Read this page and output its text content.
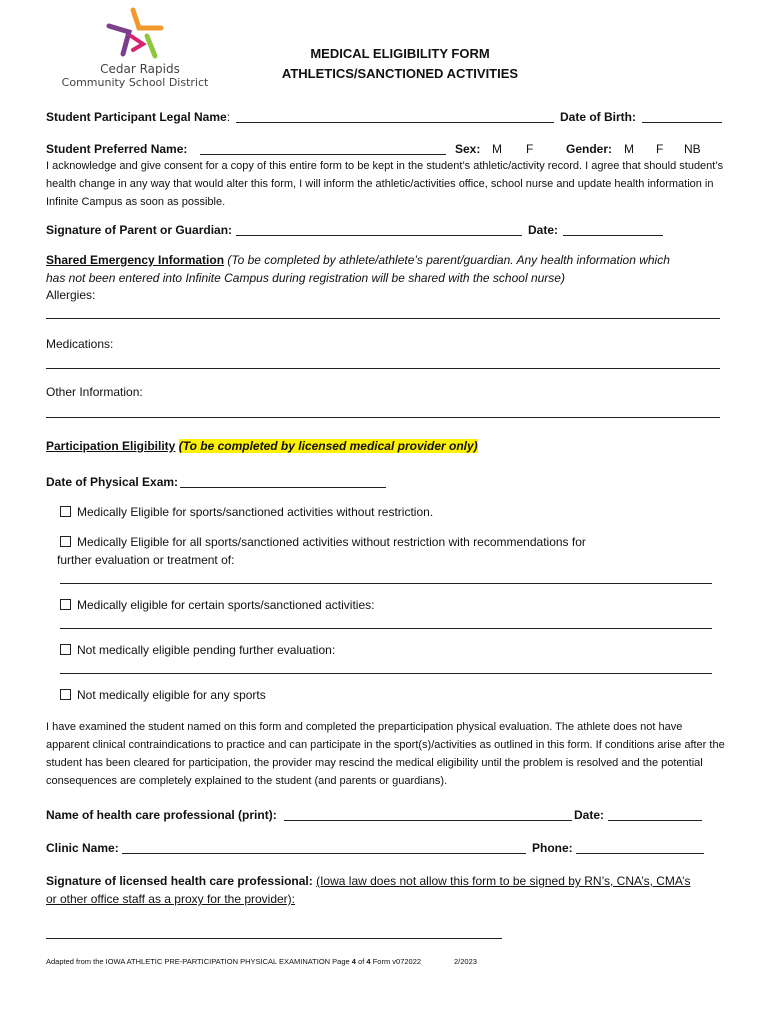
Cedar Rapids
Community School District
MEDICAL ELIGIBILITY FORM
ATHLETICS/SANCTIONED ACTIVITIES
Student Participant Legal Name:	Date of Birth:
Student Preferred Name:	Sex: M F	Gender: M F NB
I acknowledge and give consent for a copy of this entire form to be kept in the student’s athletic/activity record. I agree that should student’s health change in any way that would alter this form, I will inform the athletic/activities office, school nurse and update health information in Infinite Campus as soon as possible.
Signature of Parent or Guardian:	Date:
Shared Emergency Information (To be completed by athlete/athlete’s parent/guardian. Any health information which has not been entered into Infinite Campus during registration will be shared with the school nurse)
Allergies:
Medications:
Other Information:
Participation Eligibility (To be completed by licensed medical provider only)
Date of Physical Exam:
Medically Eligible for sports/sanctioned activities without restriction.
Medically Eligible for all sports/sanctioned activities without restriction with recommendations for
further evaluation or treatment of:
Medically eligible for certain sports/sanctioned activities:
Not medically eligible pending further evaluation:
Not medically eligible for any sports
I have examined the student named on this form and completed the preparticipation physical evaluation. The athlete does not have apparent clinical contraindications to practice and can participate in the sport(s)/activities as outlined in this form. If conditions arise after the student has been cleared for participation, the provider may rescind the medical eligibility until the problem is resolved and the potential consequences are completely explained to the student (and parents or guardians).
Name of health care professional (print):	Date:
Clinic Name:	Phone:
Signature of licensed health care professional: (Iowa law does not allow this form to be signed by RN’s, CNA’s, CMA’s
or other office staff as a proxy for the provider):
Adapted from the IOWA ATHLETIC PRE-PARTICIPATION PHYSICAL EXAMINATION Page 4 of 4 Form v072022	2/2023
